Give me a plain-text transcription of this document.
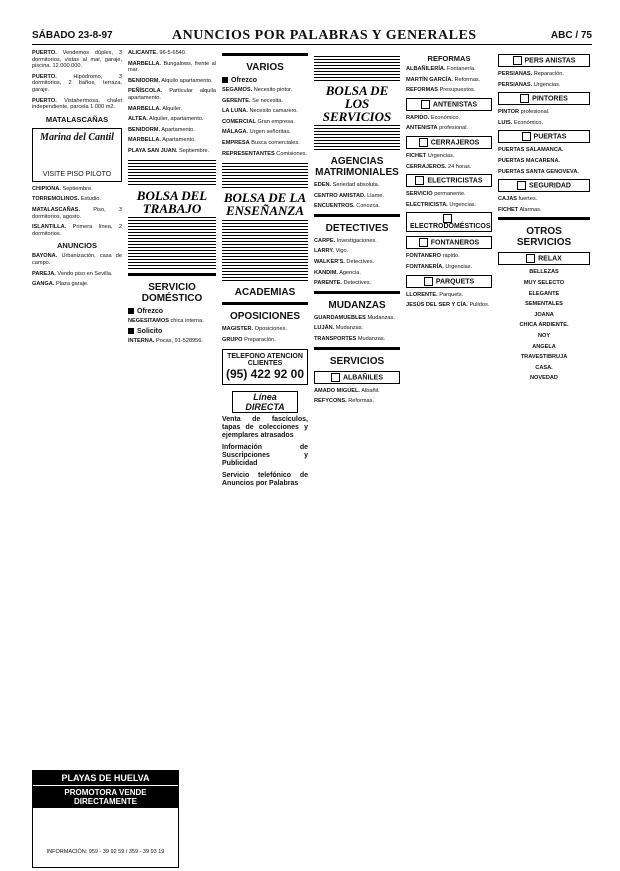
SÁBADO 23-8-97	ANUNCIOS POR PALABRAS Y GENERALES	ABC / 75

PUERTO. Vendemos dúplex, 3 dormitorios, vistas al mar, garaje, piscina. 12.000.000.

PUERTO.	Hipódromo, 3 dormitorios, 2 baños, terraza, garaje.

PUERTO. Vistahermosa, chalet independiente, parcela 1.000 m2.

MATALASCAÑAS
Marina del Cantil
VISITE PISO PILOTO

CHIPIONA. Septiembre.

TORREMOLINOS. Estudio.

MATALASCAÑAS. Piso, 3 dormitorios, agosto.

ISLANTILLA. Primera línea, 2 dormitorios.

ANUNCIOS

BAYONA. Urbanización, casa de campo.

PAREJA. Vendo piso en Sevilla.

GANGA. Plaza garaje.

PLAYAS DE HUELVA
PROMOTORA VENDE DIRECTAMENTE
INFORMACIÓN: 959 - 39 92 59 / 359 - 39 93 19

ALICANTE. 96-5-6540.

MARBELLA. Bungalows, frente al mar.

BENIDORM. Alquilo apartamento.

PEÑÍSCOLA. Particular alquila apartamento.

MARBELLA. Alquiler.

ALTEA. Alquiler, apartamento.

BENIDORM. Apartamento.

MARBELLA. Apartamento.

PLAYA SAN JUAN. Septiembre.

BOLSA DEL TRABAJO
SERVICIO DOMÉSTICO
Ofrezco

NEGESITAMOS chica interna.

Solicito

INTERNA. Pocas, 91-528956.

VARIOS
Ofrezco

SEGAMOS. Necesito pintor.

GERENTE. Se necesita.

LA LUNA. Necesito camarero.

COMERCIAL Gran empresa.

MÁLAGA. Urgen señoritas.

EMPRESA Busca comerciales.

REPRESENTANTES Comisiones.

BOLSA DE LA ENSEÑANZA
ACADEMIAS
OPOSICIONES

MAGISTER. Oposiciones.

GRUPO Preparación.

TELEFONO ATENCION CLIENTES
(95) 422 92 00
Línea DIRECTA

Venta de fascículos, tapas de colecciones y ejemplares atrasados

Información de Suscripciones y Publicidad

Servicio telefónico de Anuncios por Palabras

BOLSA DE LOS SERVICIOS
AGENCIAS MATRIMONIALES

EDEN. Seriedad absoluta.

CENTRO AMISTAD. Llame.

ENCUENTROS. Conozca.

DETECTIVES

CARPE. Investigaciones.

LARRY. Vigo.

WALKER'S. Detectives.

KANDIM. Agencia.

PARENTE. Detectives.

MUDANZAS

GUARDAMUEBLES Mudanzas.

LUJÁN. Mudanzas.

TRANSPORTES Mudanzas.

SERVICIOS
ALBAÑILES

AMADO MIGUEL. Albañil.

REFYCONS. Reformas.

REFORMAS

ALBAÑILERÍA. Fontanería.

MARTÍN GARCÍA. Reformas.

REFORMAS Presupuestos.

ANTENISTAS

RAPIDO. Económico.

ANTENISTA profesional.

CERRAJEROS

FICHET Urgencias.

CERRAJEROS. 24 horas.

ELECTRICISTAS

SERVICIO permanente.

ELECTRICISTA. Urgencias.

ELECTRODOMÉSTICOS
FONTANEROS

FONTANERO rápido.

FONTANERÍA. Urgencias.

PARQUETS

LLORENTE. Parquets.

JESÚS DEL SER Y CÍA. Pulidos.

PERS ANISTAS

PERSIANAS. Reparación.

PERSIANAS. Urgencias.

PINTORES

PINTOR profesional.

LUIS. Económico.

PUERTAS

PUERTAS SALAMANCA.

PUERTAS MACARENA.

PUERTAS SANTA GENOVEVA.

SEGURIDAD

CAJAS fuertes.

FICHET Alarmas.

OTROS SERVICIOS
RELAX

BELLEZAS

MUY SELECTO

ELEGANTE

SEMENTALES

JOANA

CHICA ARDIENTE.

NOY

ANGELA

TRAVESTIBRUJA

CASA.

NOVEDAD
